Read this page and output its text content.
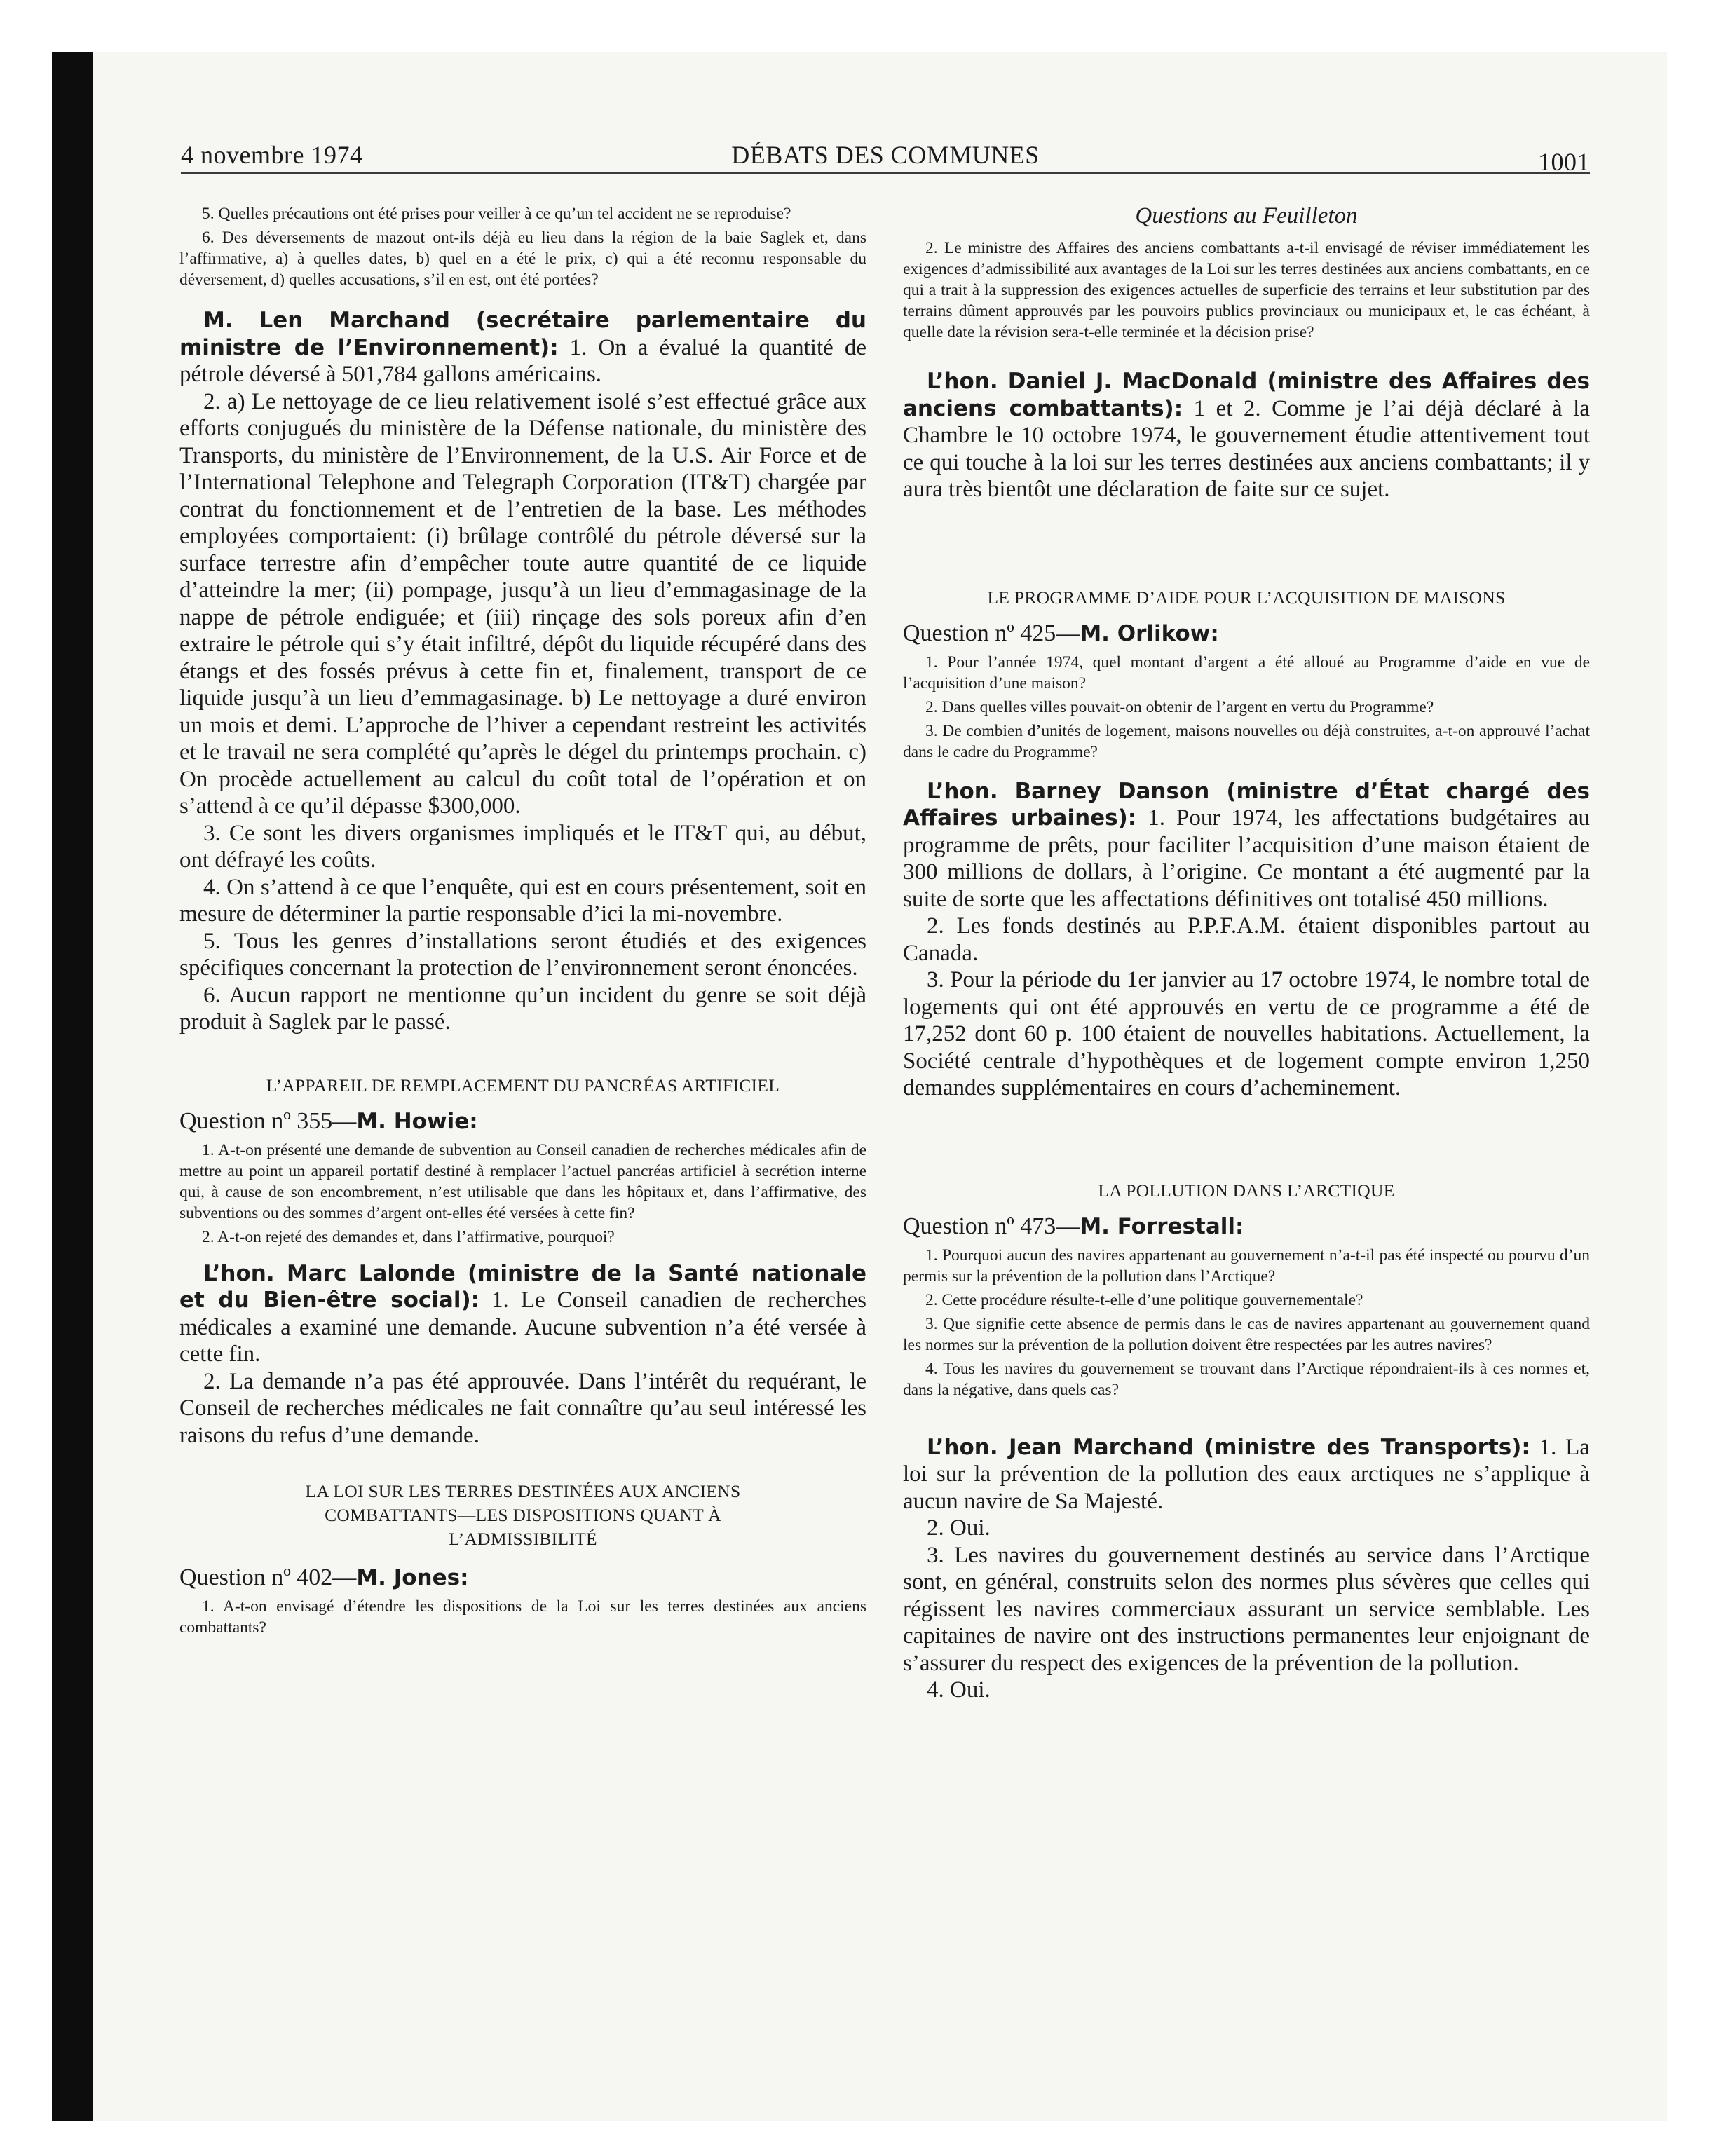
4 novembre 1974	DÉBATS DES COMMUNES	1001

5. Quelles précautions ont été prises pour veiller à ce qu’un tel accident ne se reproduise?

6. Des déversements de mazout ont-ils déjà eu lieu dans la région de la baie Saglek et, dans l’affirmative, a) à quelles dates, b) quel en a été le prix, c) qui a été reconnu responsable du déversement, d) quelles accusations, s’il en est, ont été portées?

M. Len Marchand (secrétaire parlementaire du ministre de l’Environnement): 1. On a évalué la quantité de pétrole déversé à 501,784 gallons américains.

2. a) Le nettoyage de ce lieu relativement isolé s’est effectué grâce aux efforts conjugués du ministère de la Défense nationale, du ministère des Transports, du ministère de l’Environnement, de la U.S. Air Force et de l’International Telephone and Telegraph Corporation (IT&T) chargée par contrat du fonctionnement et de l’entretien de la base. Les méthodes employées comportaient: (i) brûlage contrôlé du pétrole déversé sur la surface terrestre afin d’empêcher toute autre quantité de ce liquide d’atteindre la mer; (ii) pompage, jusqu’à un lieu d’emmagasinage de la nappe de pétrole endiguée; et (iii) rinçage des sols poreux afin d’en extraire le pétrole qui s’y était infiltré, dépôt du liquide récupéré dans des étangs et des fossés prévus à cette fin et, finalement, transport de ce liquide jusqu’à un lieu d’emmagasinage. b) Le nettoyage a duré environ un mois et demi. L’approche de l’hiver a cependant restreint les activités et le travail ne sera complété qu’après le dégel du printemps prochain. c) On procède actuellement au calcul du coût total de l’opération et on s’attend à ce qu’il dépasse $300,000.

3. Ce sont les divers organismes impliqués et le IT&T qui, au début, ont défrayé les coûts.

4. On s’attend à ce que l’enquête, qui est en cours présentement, soit en mesure de déterminer la partie responsable d’ici la mi-novembre.

5. Tous les genres d’installations seront étudiés et des exigences spécifiques concernant la protection de l’environnement seront énoncées.

6. Aucun rapport ne mentionne qu’un incident du genre se soit déjà produit à Saglek par le passé.

L’APPAREIL DE REMPLACEMENT DU PANCRÉAS ARTIFICIEL

Question nº 355—M. Howie:

1. A-t-on présenté une demande de subvention au Conseil canadien de recherches médicales afin de mettre au point un appareil portatif destiné à remplacer l’actuel pancréas artificiel à secrétion interne qui, à cause de son encombrement, n’est utilisable que dans les hôpitaux et, dans l’affirmative, des subventions ou des sommes d’argent ont-elles été versées à cette fin?

2. A-t-on rejeté des demandes et, dans l’affirmative, pourquoi?

L’hon. Marc Lalonde (ministre de la Santé nationale et du Bien-être social): 1. Le Conseil canadien de recherches médicales a examiné une demande. Aucune subvention n’a été versée à cette fin.

2. La demande n’a pas été approuvée. Dans l’intérêt du requérant, le Conseil de recherches médicales ne fait connaître qu’au seul intéressé les raisons du refus d’une demande.

LA LOI SUR LES TERRES DESTINÉES AUX ANCIENS

COMBATTANTS—LES DISPOSITIONS QUANT À

L’ADMISSIBILITÉ

Question nº 402—M. Jones:

1. A-t-on envisagé d’étendre les dispositions de la Loi sur les terres destinées aux anciens combattants?

Questions au Feuilleton

2. Le ministre des Affaires des anciens combattants a-t-il envisagé de réviser immédiatement les exigences d’admissibilité aux avantages de la Loi sur les terres destinées aux anciens combattants, en ce qui a trait à la suppression des exigences actuelles de superficie des terrains et leur substitution par des terrains dûment approuvés par les pouvoirs publics provinciaux ou municipaux et, le cas échéant, à quelle date la révision sera-t-elle terminée et la décision prise?

L’hon. Daniel J. MacDonald (ministre des Affaires des anciens combattants): 1 et 2. Comme je l’ai déjà déclaré à la Chambre le 10 octobre 1974, le gouvernement étudie attentivement tout ce qui touche à la loi sur les terres destinées aux anciens combattants; il y aura très bientôt une déclaration de faite sur ce sujet.

LE PROGRAMME D’AIDE POUR L’ACQUISITION DE MAISONS

Question nº 425—M. Orlikow:

1. Pour l’année 1974, quel montant d’argent a été alloué au Programme d’aide en vue de l’acquisition d’une maison?

2. Dans quelles villes pouvait-on obtenir de l’argent en vertu du Programme?

3. De combien d’unités de logement, maisons nouvelles ou déjà construites, a-t-on approuvé l’achat dans le cadre du Programme?

L’hon. Barney Danson (ministre d’État chargé des Affaires urbaines): 1. Pour 1974, les affectations budgétaires au programme de prêts, pour faciliter l’acquisition d’une maison étaient de 300 millions de dollars, à l’origine. Ce montant a été augmenté par la suite de sorte que les affectations définitives ont totalisé 450 millions.

2. Les fonds destinés au P.P.F.A.M. étaient disponibles partout au Canada.

3. Pour la période du 1er janvier au 17 octobre 1974, le nombre total de logements qui ont été approuvés en vertu de ce programme a été de 17,252 dont 60 p. 100 étaient de nouvelles habitations. Actuellement, la Société centrale d’hypothèques et de logement compte environ 1,250 demandes supplémentaires en cours d’acheminement.

LA POLLUTION DANS L’ARCTIQUE

Question nº 473—M. Forrestall:

1. Pourquoi aucun des navires appartenant au gouvernement n’a-t-il pas été inspecté ou pourvu d’un permis sur la prévention de la pollution dans l’Arctique?

2. Cette procédure résulte-t-elle d’une politique gouvernementale?

3. Que signifie cette absence de permis dans le cas de navires appartenant au gouvernement quand les normes sur la prévention de la pollution doivent être respectées par les autres navires?

4. Tous les navires du gouvernement se trouvant dans l’Arctique répondraient-ils à ces normes et, dans la négative, dans quels cas?

L’hon. Jean Marchand (ministre des Transports): 1. La loi sur la prévention de la pollution des eaux arctiques ne s’applique à aucun navire de Sa Majesté.

2. Oui.

3. Les navires du gouvernement destinés au service dans l’Arctique sont, en général, construits selon des normes plus sévères que celles qui régissent les navires commerciaux assurant un service semblable. Les capitaines de navire ont des instructions permanentes leur enjoignant de s’assurer du respect des exigences de la prévention de la pollution.

4. Oui.
